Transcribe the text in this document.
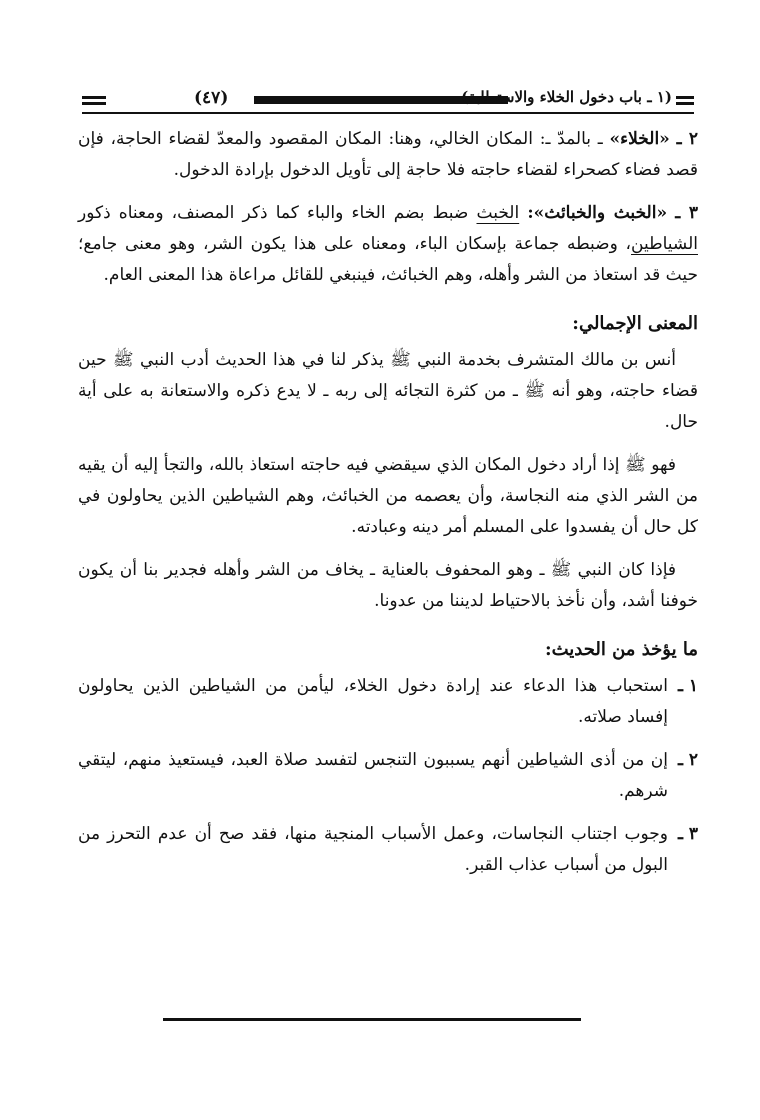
(٤٧)	(١ ـ باب دخول الخلاء والاستطابة)

٢ ـ «الخلاء» ـ بالمدّ ـ: المكان الخالي، وهنا: المكان المقصود والمعدّ لقضاء الحاجة، فإن قصد فضاء كصحراء لقضاء حاجته فلا حاجة إلى تأويل الدخول بإرادة الدخول.

٣ ـ «الخبث والخبائث»: الخبث ضبط بضم الخاء والباء كما ذكر المصنف، ومعناه ذكور الشياطين، وضبطه جماعة بإسكان الباء، ومعناه على هذا يكون الشر، وهو معنى جامع؛ حيث قد استعاذ من الشر وأهله، وهم الخبائث، فينبغي للقائل مراعاة هذا المعنى العام.

المعنى الإجمالي:

أنس بن مالك المتشرف بخدمة النبي ﷺ يذكر لنا في هذا الحديث أدب النبي ﷺ حين قضاء حاجته، وهو أنه ﷺ ـ من كثرة التجائه إلى ربه ـ لا يدع ذكره والاستعانة به على أية حال.

فهو ﷺ إذا أراد دخول المكان الذي سيقضي فيه حاجته استعاذ بالله، والتجأ إليه أن يقيه من الشر الذي منه النجاسة، وأن يعصمه من الخبائث، وهم الشياطين الذين يحاولون في كل حال أن يفسدوا على المسلم أمر دينه وعبادته.

فإذا كان النبي ﷺ ـ وهو المحفوف بالعناية ـ يخاف من الشر وأهله فجدير بنا أن يكون خوفنا أشد، وأن نأخذ بالاحتياط لديننا من عدونا.

ما يؤخذ من الحديث:
١ ـ
استحباب هذا الدعاء عند إرادة دخول الخلاء، ليأمن من الشياطين الذين يحاولون إفساد صلاته.
٢ ـ
إن من أذى الشياطين أنهم يسببون التنجس لتفسد صلاة العبد، فيستعيذ منهم، ليتقي شرهم.
٣ ـ
وجوب اجتناب النجاسات، وعمل الأسباب المنجية منها، فقد صح أن عدم التحرز من البول من أسباب عذاب القبر.
